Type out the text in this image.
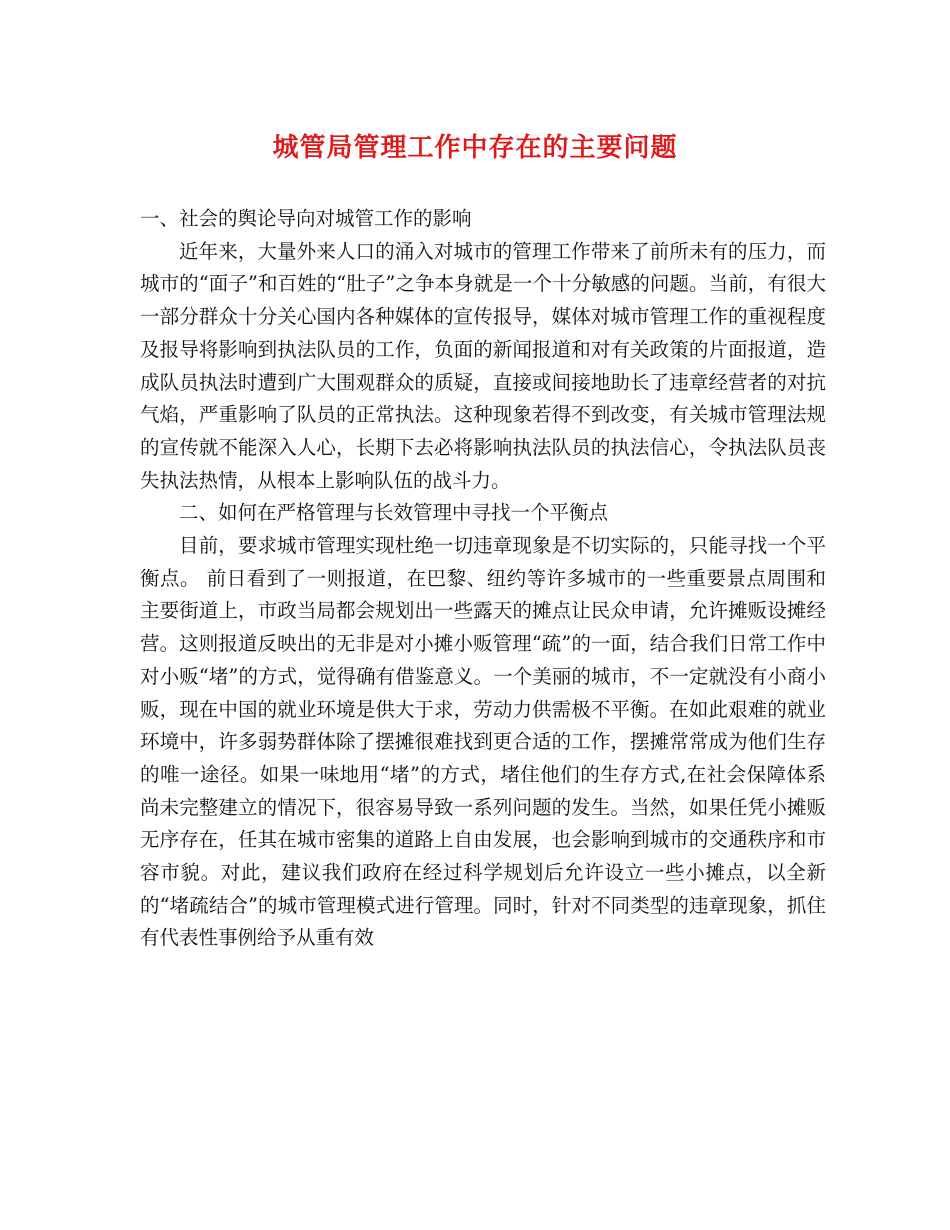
城管局管理工作中存在的主要问题

一、社会的舆论导向对城管工作的影响

近年来，大量外来人口的涌入对城市的管理工作带来了前所未有的压力，而城市的“面子”和百姓的“肚子”之争本身就是一个十分敏感的问题。当前，有很大一部分群众十分关心国内各种媒体的宣传报导，媒体对城市管理工作的重视程度及报导将影响到执法队员的工作，负面的新闻报道和对有关政策的片面报道，造成队员执法时遭到广大围观群众的质疑，直接或间接地助长了违章经营者的对抗气焰，严重影响了队员的正常执法。这种现象若得不到改变，有关城市管理法规的宣传就不能深入人心，长期下去必将影响执法队员的执法信心，令执法队员丧失执法热情，从根本上影响队伍的战斗力。

二、如何在严格管理与长效管理中寻找一个平衡点

目前，要求城市管理实现杜绝一切违章现象是不切实际的，只能寻找一个平衡点。 前日看到了一则报道，在巴黎、纽约等许多城市的一些重要景点周围和主要街道上，市政当局都会规划出一些露天的摊点让民众申请，允许摊贩设摊经营。这则报道反映出的无非是对小摊小贩管理“疏”的一面，结合我们日常工作中对小贩“堵”的方式，觉得确有借鉴意义。一个美丽的城市，不一定就没有小商小贩，现在中国的就业环境是供大于求，劳动力供需极不平衡。在如此艰难的就业环境中，许多弱势群体除了摆摊很难找到更合适的工作，摆摊常常成为他们生存的唯一途径。如果一味地用“堵”的方式，堵住他们的生存方式,在社会保障体系尚未完整建立的情况下，很容易导致一系列问题的发生。当然，如果任凭小摊贩无序存在，任其在城市密集的道路上自由发展，也会影响到城市的交通秩序和市容市貌。对此，建议我们政府在经过科学规划后允许设立一些小摊点，以全新的“堵疏结合”的城市管理模式进行管理。同时，针对不同类型的违章现象，抓住有代表性事例给予从重有效
